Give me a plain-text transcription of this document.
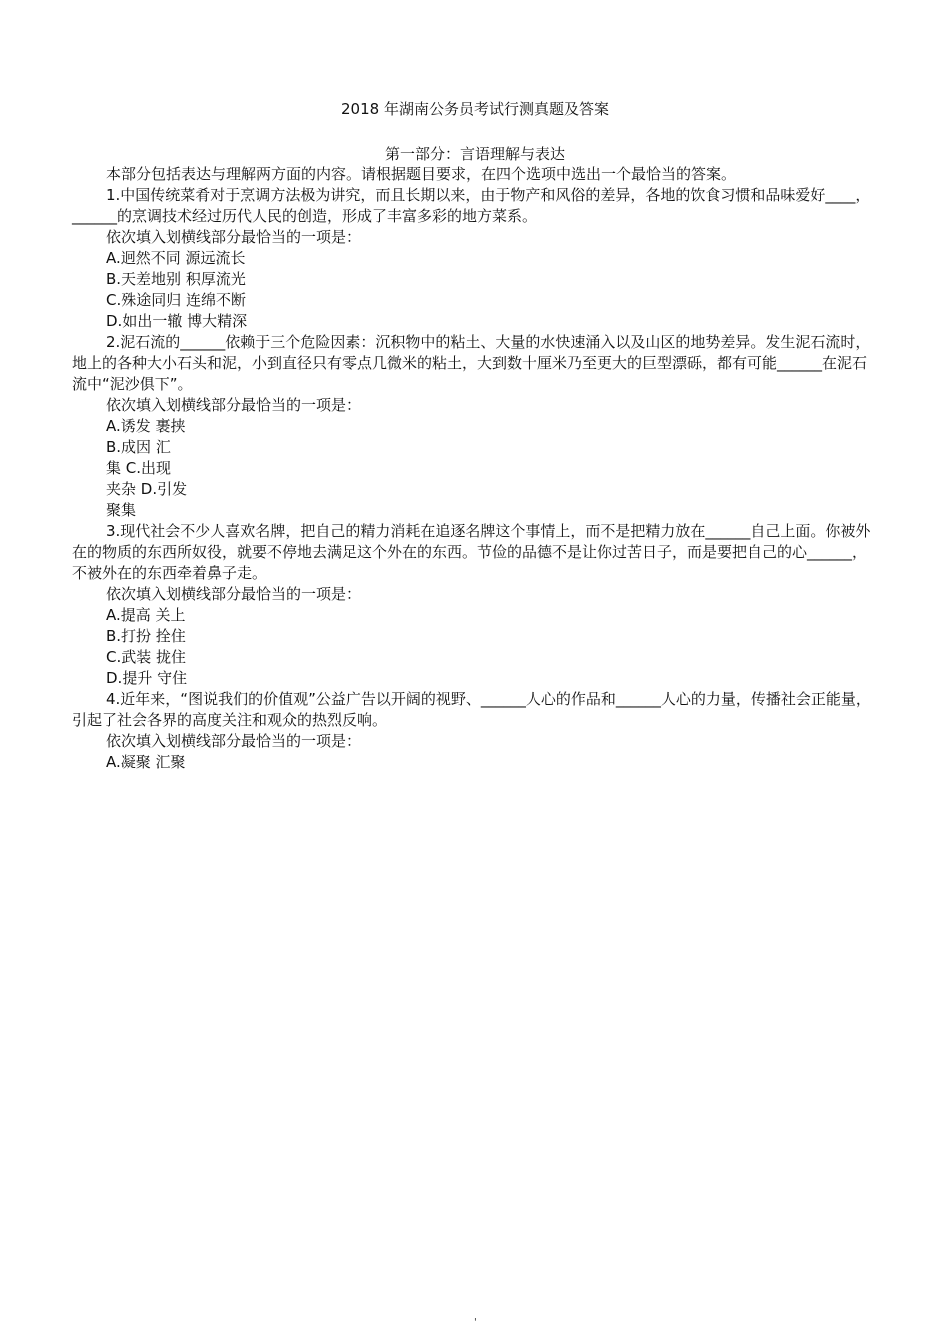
2018 年湖南公务员考试行测真题及答案
第一部分：言语理解与表达

本部分包括表达与理解两方面的内容。请根据题目要求，在四个选项中选出一个最恰当的答案。

1.中国传统菜肴对于烹调方法极为讲究，而且长期以来，由于物产和风俗的差异，各地的饮食习惯和品味爱好____，______的烹调技术经过历代人民的创造，形成了丰富多彩的地方菜系。

依次填入划横线部分最恰当的一项是：

A.迥然不同 源远流长

B.天差地别 积厚流光

C.殊途同归 连绵不断

D.如出一辙 博大精深

2.泥石流的______依赖于三个危险因素：沉积物中的粘土、大量的水快速涌入以及山区的地势差异。发生泥石流时，地上的各种大小石头和泥，小到直径只有零点几微米的粘土，大到数十厘米乃至更大的巨型漂砾，都有可能______在泥石流中“泥沙俱下”。

依次填入划横线部分最恰当的一项是：

A.诱发 裹挟

B.成因 汇

集 C.出现

夹杂 D.引发

聚集

3.现代社会不少人喜欢名牌，把自己的精力消耗在追逐名牌这个事情上，而不是把精力放在______自己上面。你被外在的物质的东西所奴役，就要不停地去满足这个外在的东西。节俭的品德不是让你过苦日子，而是要把自己的心______，不被外在的东西牵着鼻子走。

依次填入划横线部分最恰当的一项是：

A.提高 关上

B.打扮 拴住

C.武装 拢住

D.提升 守住

4.近年来，“图说我们的价值观”公益广告以开阔的视野、______人心的作品和______人心的力量，传播社会正能量，引起了社会各界的高度关注和观众的热烈反响。

依次填入划横线部分最恰当的一项是：

A.凝聚 汇聚

'
